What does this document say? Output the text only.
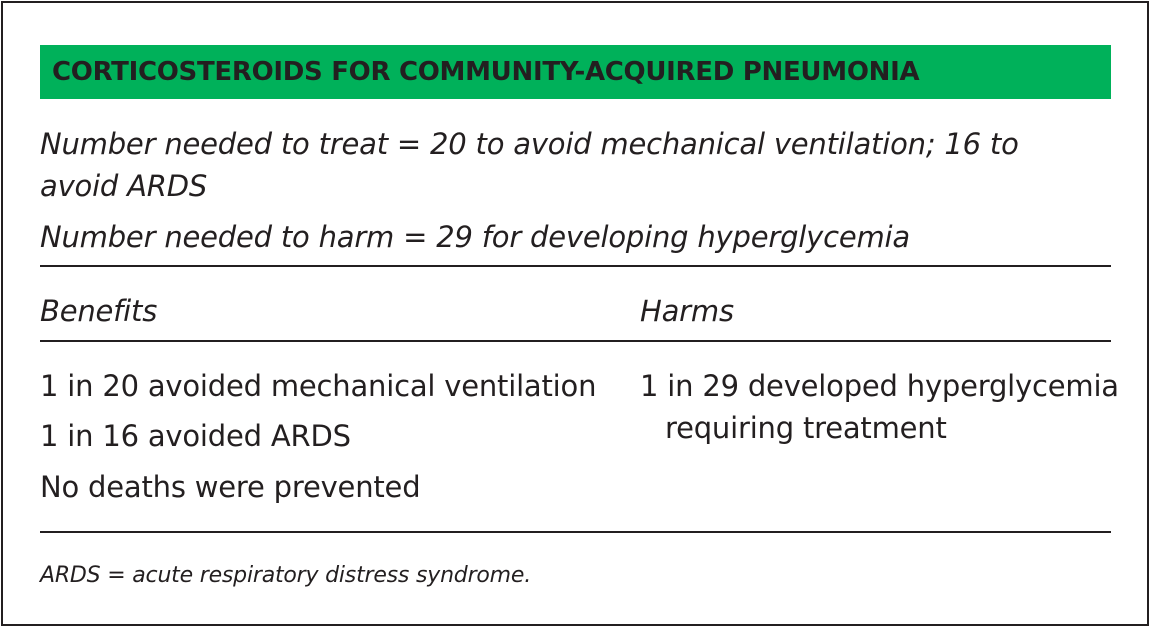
CORTICOSTEROIDS FOR COMMUNITY-ACQUIRED PNEUMONIA
Number needed to treat = 20 to avoid mechanical ventilation; 16 to
avoid ARDS
Number needed to harm = 29 for developing hyperglycemia
Benefits	Harms
1 in 20 avoided mechanical ventilation
1 in 16 avoided ARDS
No deaths were prevented
1 in 29 developed hyperglycemia
requiring treatment
ARDS = acute respiratory distress syndrome.
